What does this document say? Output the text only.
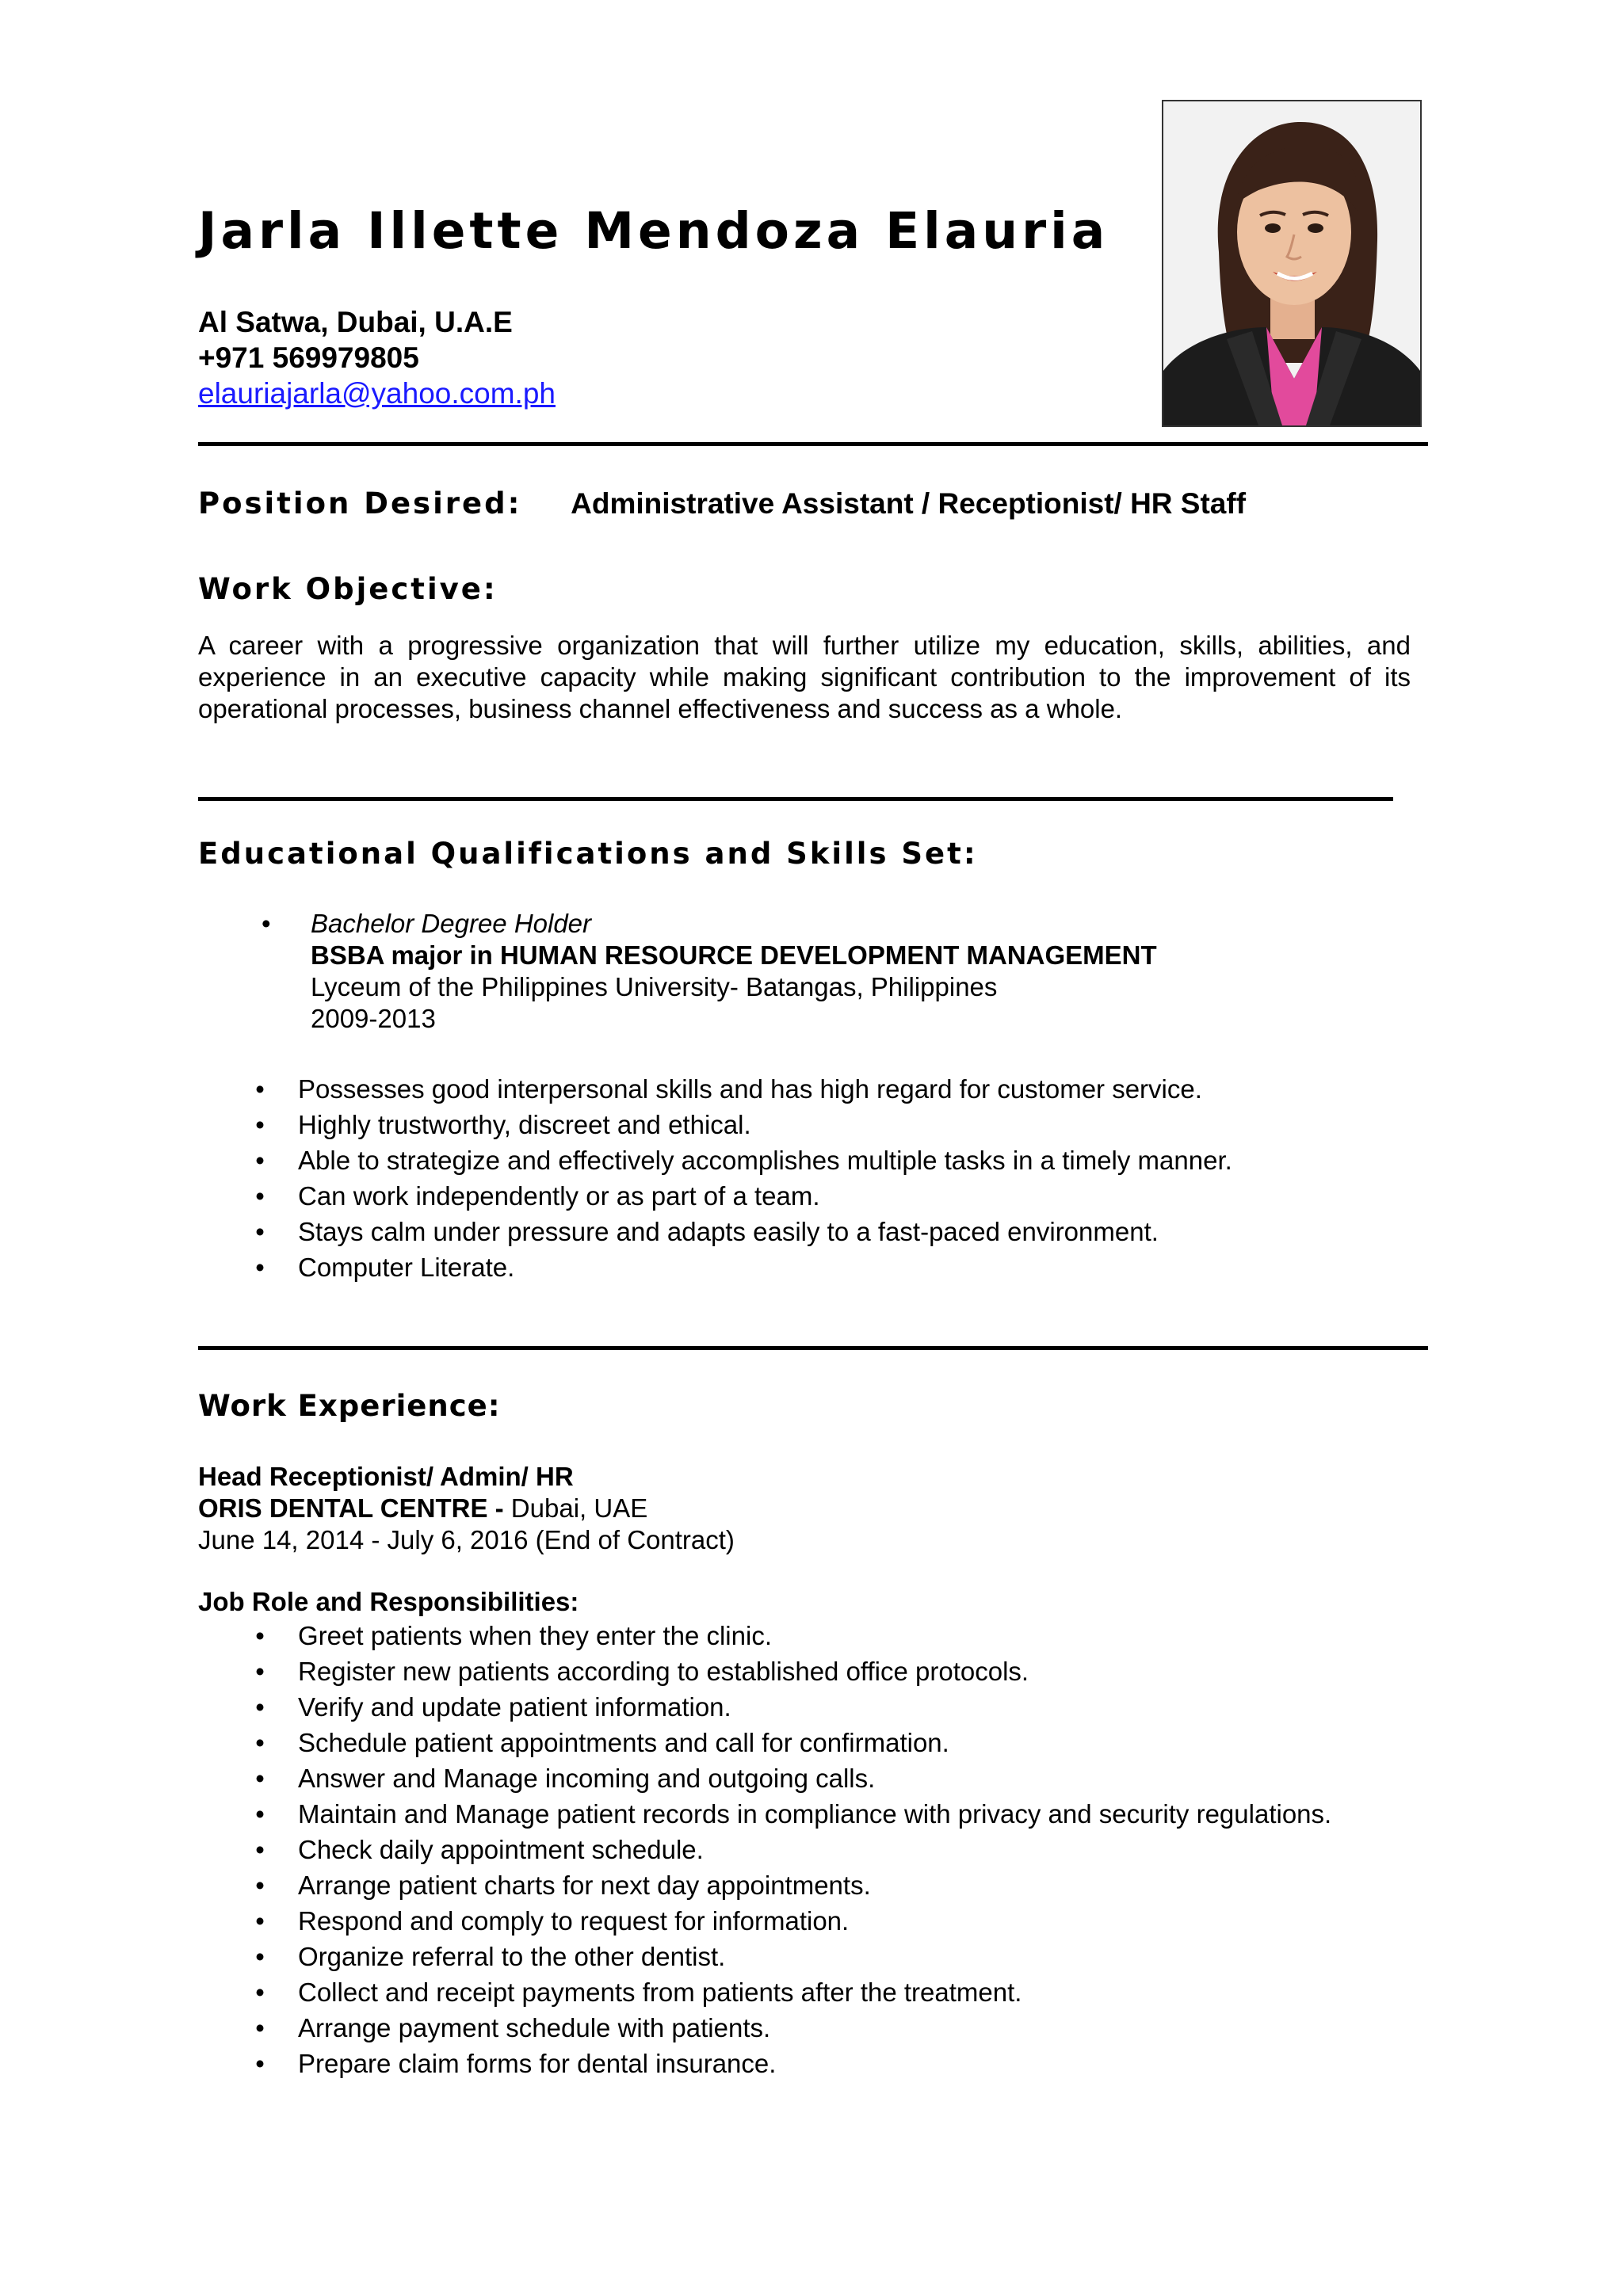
Jarla Illette Mendoza Elauria
Al Satwa, Dubai, U.A.E
+971 569979805
elauriajarla@yahoo.com.ph
Position Desired: Administrative Assistant / Receptionist/ HR Staff
Work Objective:
A career with a progressive organization that will further utilize my education, skills, abilities, and experience in an executive capacity while making significant contribution to the improvement of its operational processes, business channel effectiveness and success as a whole.
Educational Qualifications and Skills Set:
• Bachelor Degree Holder
BSBA major in HUMAN RESOURCE DEVELOPMENT MANAGEMENT
Lyceum of the Philippines University- Batangas, Philippines
2009-2013
• Possesses good interpersonal skills and has high regard for customer service.
• Highly trustworthy, discreet and ethical.
• Able to strategize and effectively accomplishes multiple tasks in a timely manner.
• Can work independently or as part of a team.
• Stays calm under pressure and adapts easily to a fast-paced environment.
• Computer Literate.
Work Experience:
Head Receptionist/ Admin/ HR
ORIS DENTAL CENTRE - Dubai, UAE
June 14, 2014 - July 6, 2016 (End of Contract)
Job Role and Responsibilities:
• Greet patients when they enter the clinic.
• Register new patients according to established office protocols.
• Verify and update patient information.
• Schedule patient appointments and call for confirmation.
• Answer and Manage incoming and outgoing calls.
• Maintain and Manage patient records in compliance with privacy and security regulations.
• Check daily appointment schedule.
• Arrange patient charts for next day appointments.
• Respond and comply to request for information.
• Organize referral to the other dentist.
• Collect and receipt payments from patients after the treatment.
• Arrange payment schedule with patients.
• Prepare claim forms for dental insurance.
